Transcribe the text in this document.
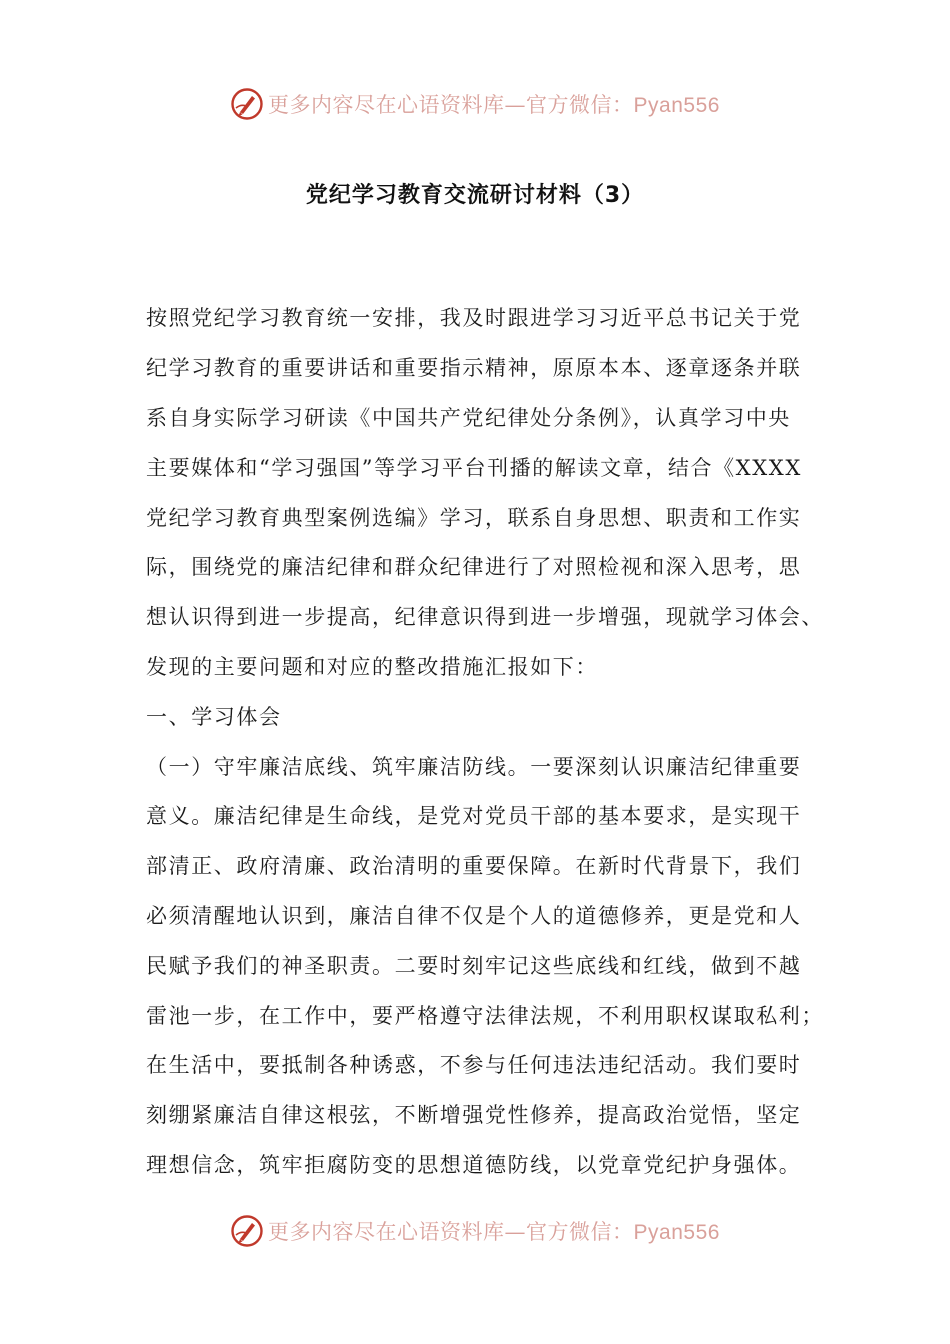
更多内容尽在心语资料库—官方微信：Pyan556
党纪学习教育交流研讨材料（3）
按照党纪学习教育统一安排，我及时跟进学习习近平总书记关于党
纪学习教育的重要讲话和重要指示精神，原原本本、逐章逐条并联
系自身实际学习研读《中国共产党纪律处分条例》，认真学习中央
主要媒体和“学习强国”等学习平台刊播的解读文章，结合《XXXX
党纪学习教育典型案例选编》学习，联系自身思想、职责和工作实
际，围绕党的廉洁纪律和群众纪律进行了对照检视和深入思考，思
想认识得到进一步提高，纪律意识得到进一步增强，现就学习体会、
发现的主要问题和对应的整改措施汇报如下：
一、学习体会
（一）守牢廉洁底线、筑牢廉洁防线。一要深刻认识廉洁纪律重要
意义。廉洁纪律是生命线，是党对党员干部的基本要求，是实现干
部清正、政府清廉、政治清明的重要保障。在新时代背景下，我们
必须清醒地认识到，廉洁自律不仅是个人的道德修养，更是党和人
民赋予我们的神圣职责。二要时刻牢记这些底线和红线，做到不越
雷池一步，在工作中，要严格遵守法律法规，不利用职权谋取私利；
在生活中，要抵制各种诱惑，不参与任何违法违纪活动。我们要时
刻绷紧廉洁自律这根弦，不断增强党性修养，提高政治觉悟，坚定
理想信念，筑牢拒腐防变的思想道德防线，以党章党纪护身强体。
更多内容尽在心语资料库—官方微信：Pyan556
